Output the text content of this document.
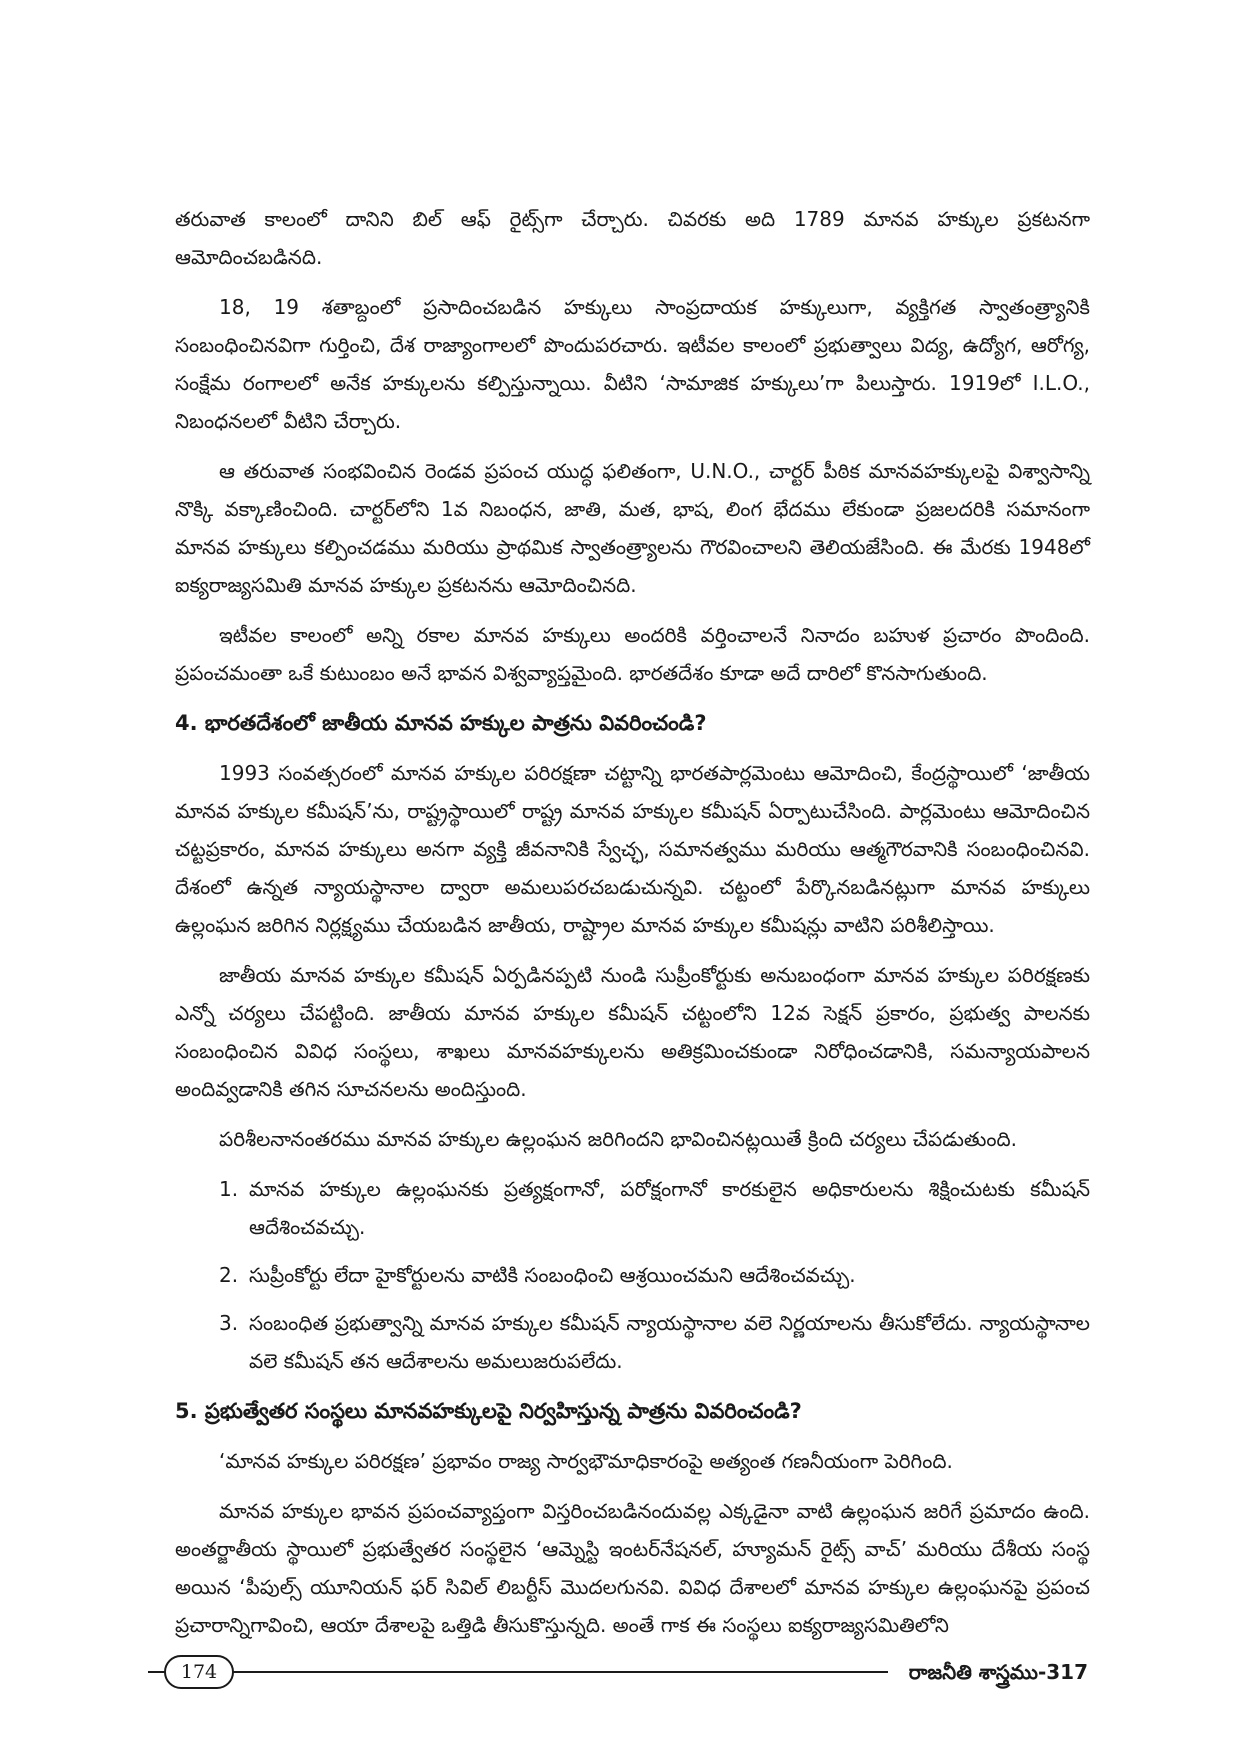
తరువాత కాలంలో దానిని బిల్ ఆఫ్ రైట్స్‌గా చేర్చారు. చివరకు అది 1789 మానవ హక్కుల ప్రకటనగా ఆమోదించబడినది.

18, 19 శతాబ్దంలో ప్రసాదించబడిన హక్కులు సాంప్రదాయక హక్కులుగా, వ్యక్తిగత స్వాతంత్ర్యానికి సంబంధించినవిగా గుర్తించి, దేశ రాజ్యాంగాలలో పొందుపరచారు. ఇటీవల కాలంలో ప్రభుత్వాలు విద్య, ఉద్యోగ, ఆరోగ్య, సంక్షేమ రంగాలలో అనేక హక్కులను కల్పిస్తున్నాయి. వీటిని ‘సామాజిక హక్కులు’గా పిలుస్తారు. 1919లో I.L.O., నిబంధనలలో వీటిని చేర్చారు.

ఆ తరువాత సంభవించిన రెండవ ప్రపంచ యుద్ధ ఫలితంగా, U.N.O., చార్టర్ పీఠిక మానవహక్కులపై విశ్వాసాన్ని నొక్కి వక్కాణించింది. చార్టర్‌లోని 1వ నిబంధన, జాతి, మత, భాష, లింగ భేదము లేకుండా ప్రజలదరికి సమానంగా మానవ హక్కులు కల్పించడము మరియు ప్రాథమిక స్వాతంత్ర్యాలను గౌరవించాలని తెలియజేసింది. ఈ మేరకు 1948లో ఐక్యరాజ్యసమితి మానవ హక్కుల ప్రకటనను ఆమోదించినది.

ఇటీవల కాలంలో అన్ని రకాల మానవ హక్కులు అందరికి వర్తించాలనే నినాదం బహుళ ప్రచారం పొందింది. ప్రపంచమంతా ఒకే కుటుంబం అనే భావన విశ్వవ్యాప్తమైంది. భారతదేశం కూడా అదే దారిలో కొనసాగుతుంది.

4. భారతదేశంలో జాతీయ మానవ హక్కుల పాత్రను వివరించండి?

1993 సంవత్సరంలో మానవ హక్కుల పరిరక్షణా చట్టాన్ని భారతపార్లమెంటు ఆమోదించి, కేంద్రస్థాయిలో ‘జాతీయ మానవ హక్కుల కమీషన్’ను, రాష్ట్రస్థాయిలో రాష్ట్ర మానవ హక్కుల కమీషన్ ఏర్పాటుచేసింది. పార్లమెంటు ఆమోదించిన చట్టప్రకారం, మానవ హక్కులు అనగా వ్యక్తి జీవనానికి స్వేచ్ఛ, సమానత్వము మరియు ఆత్మగౌరవానికి సంబంధించినవి. దేశంలో ఉన్నత న్యాయస్థానాల ద్వారా అమలుపరచబడుచున్నవి. చట్టంలో పేర్కొనబడినట్లుగా మానవ హక్కులు ఉల్లంఘన జరిగిన నిర్లక్ష్యము చేయబడిన జాతీయ, రాష్ట్రాల మానవ హక్కుల కమీషన్లు వాటిని పరిశీలిస్తాయి.

జాతీయ మానవ హక్కుల కమీషన్ ఏర్పడినప్పటి నుండి సుప్రీంకోర్టుకు అనుబంధంగా మానవ హక్కుల పరిరక్షణకు ఎన్నో చర్యలు చేపట్టింది. జాతీయ మానవ హక్కుల కమీషన్ చట్టంలోని 12వ సెక్షన్ ప్రకారం, ప్రభుత్వ పాలనకు సంబంధించిన వివిధ సంస్థలు, శాఖలు మానవహక్కులను అతిక్రమించకుండా నిరోధించడానికి, సమన్యాయపాలన అందివ్వడానికి తగిన సూచనలను అందిస్తుంది.

పరిశీలనానంతరము మానవ హక్కుల ఉల్లంఘన జరిగిందని భావించినట్లయితే క్రింది చర్యలు చేపడుతుంది.

1. మానవ హక్కుల ఉల్లంఘనకు ప్రత్యక్షంగానో, పరోక్షంగానో కారకులైన అధికారులను శిక్షించుటకు కమీషన్ ఆదేశించవచ్చు.
2. సుప్రీంకోర్టు లేదా హైకోర్టులను వాటికి సంబంధించి ఆశ్రయించమని ఆదేశించవచ్చు.
3. సంబంధిత ప్రభుత్వాన్ని మానవ హక్కుల కమీషన్ న్యాయస్థానాల వలె నిర్ణయాలను తీసుకోలేదు. న్యాయస్థానాల వలె కమీషన్ తన ఆదేశాలను అమలుజరుపలేదు.
5. ప్రభుత్వేతర సంస్థలు మానవహక్కులపై నిర్వహిస్తున్న పాత్రను వివరించండి?

‘మానవ హక్కుల పరిరక్షణ’ ప్రభావం రాజ్య సార్వభౌమాధికారంపై అత్యంత గణనీయంగా పెరిగింది.

మానవ హక్కుల భావన ప్రపంచవ్యాప్తంగా విస్తరించబడినందువల్ల ఎక్కడైనా వాటి ఉల్లంఘన జరిగే ప్రమాదం ఉంది. అంతర్జాతీయ స్థాయిలో ప్రభుత్వేతర సంస్థలైన ‘ఆమ్నెస్టి ఇంటర్‌నేషనల్, హ్యూమన్ రైట్స్ వాచ్’ మరియు దేశీయ సంస్థ అయిన ‘పీపుల్స్ యూనియన్ ఫర్ సివిల్ లిబర్టీస్ మొదలగునవి. వివిధ దేశాలలో మానవ హక్కుల ఉల్లంఘనపై ప్రపంచ ప్రచారాన్నిగావించి, ఆయా దేశాలపై ఒత్తిడి తీసుకొస్తున్నది. అంతే గాక ఈ సంస్థలు ఐక్యరాజ్యసమితిలోని

174	రాజనీతి శాస్త్రము-317
